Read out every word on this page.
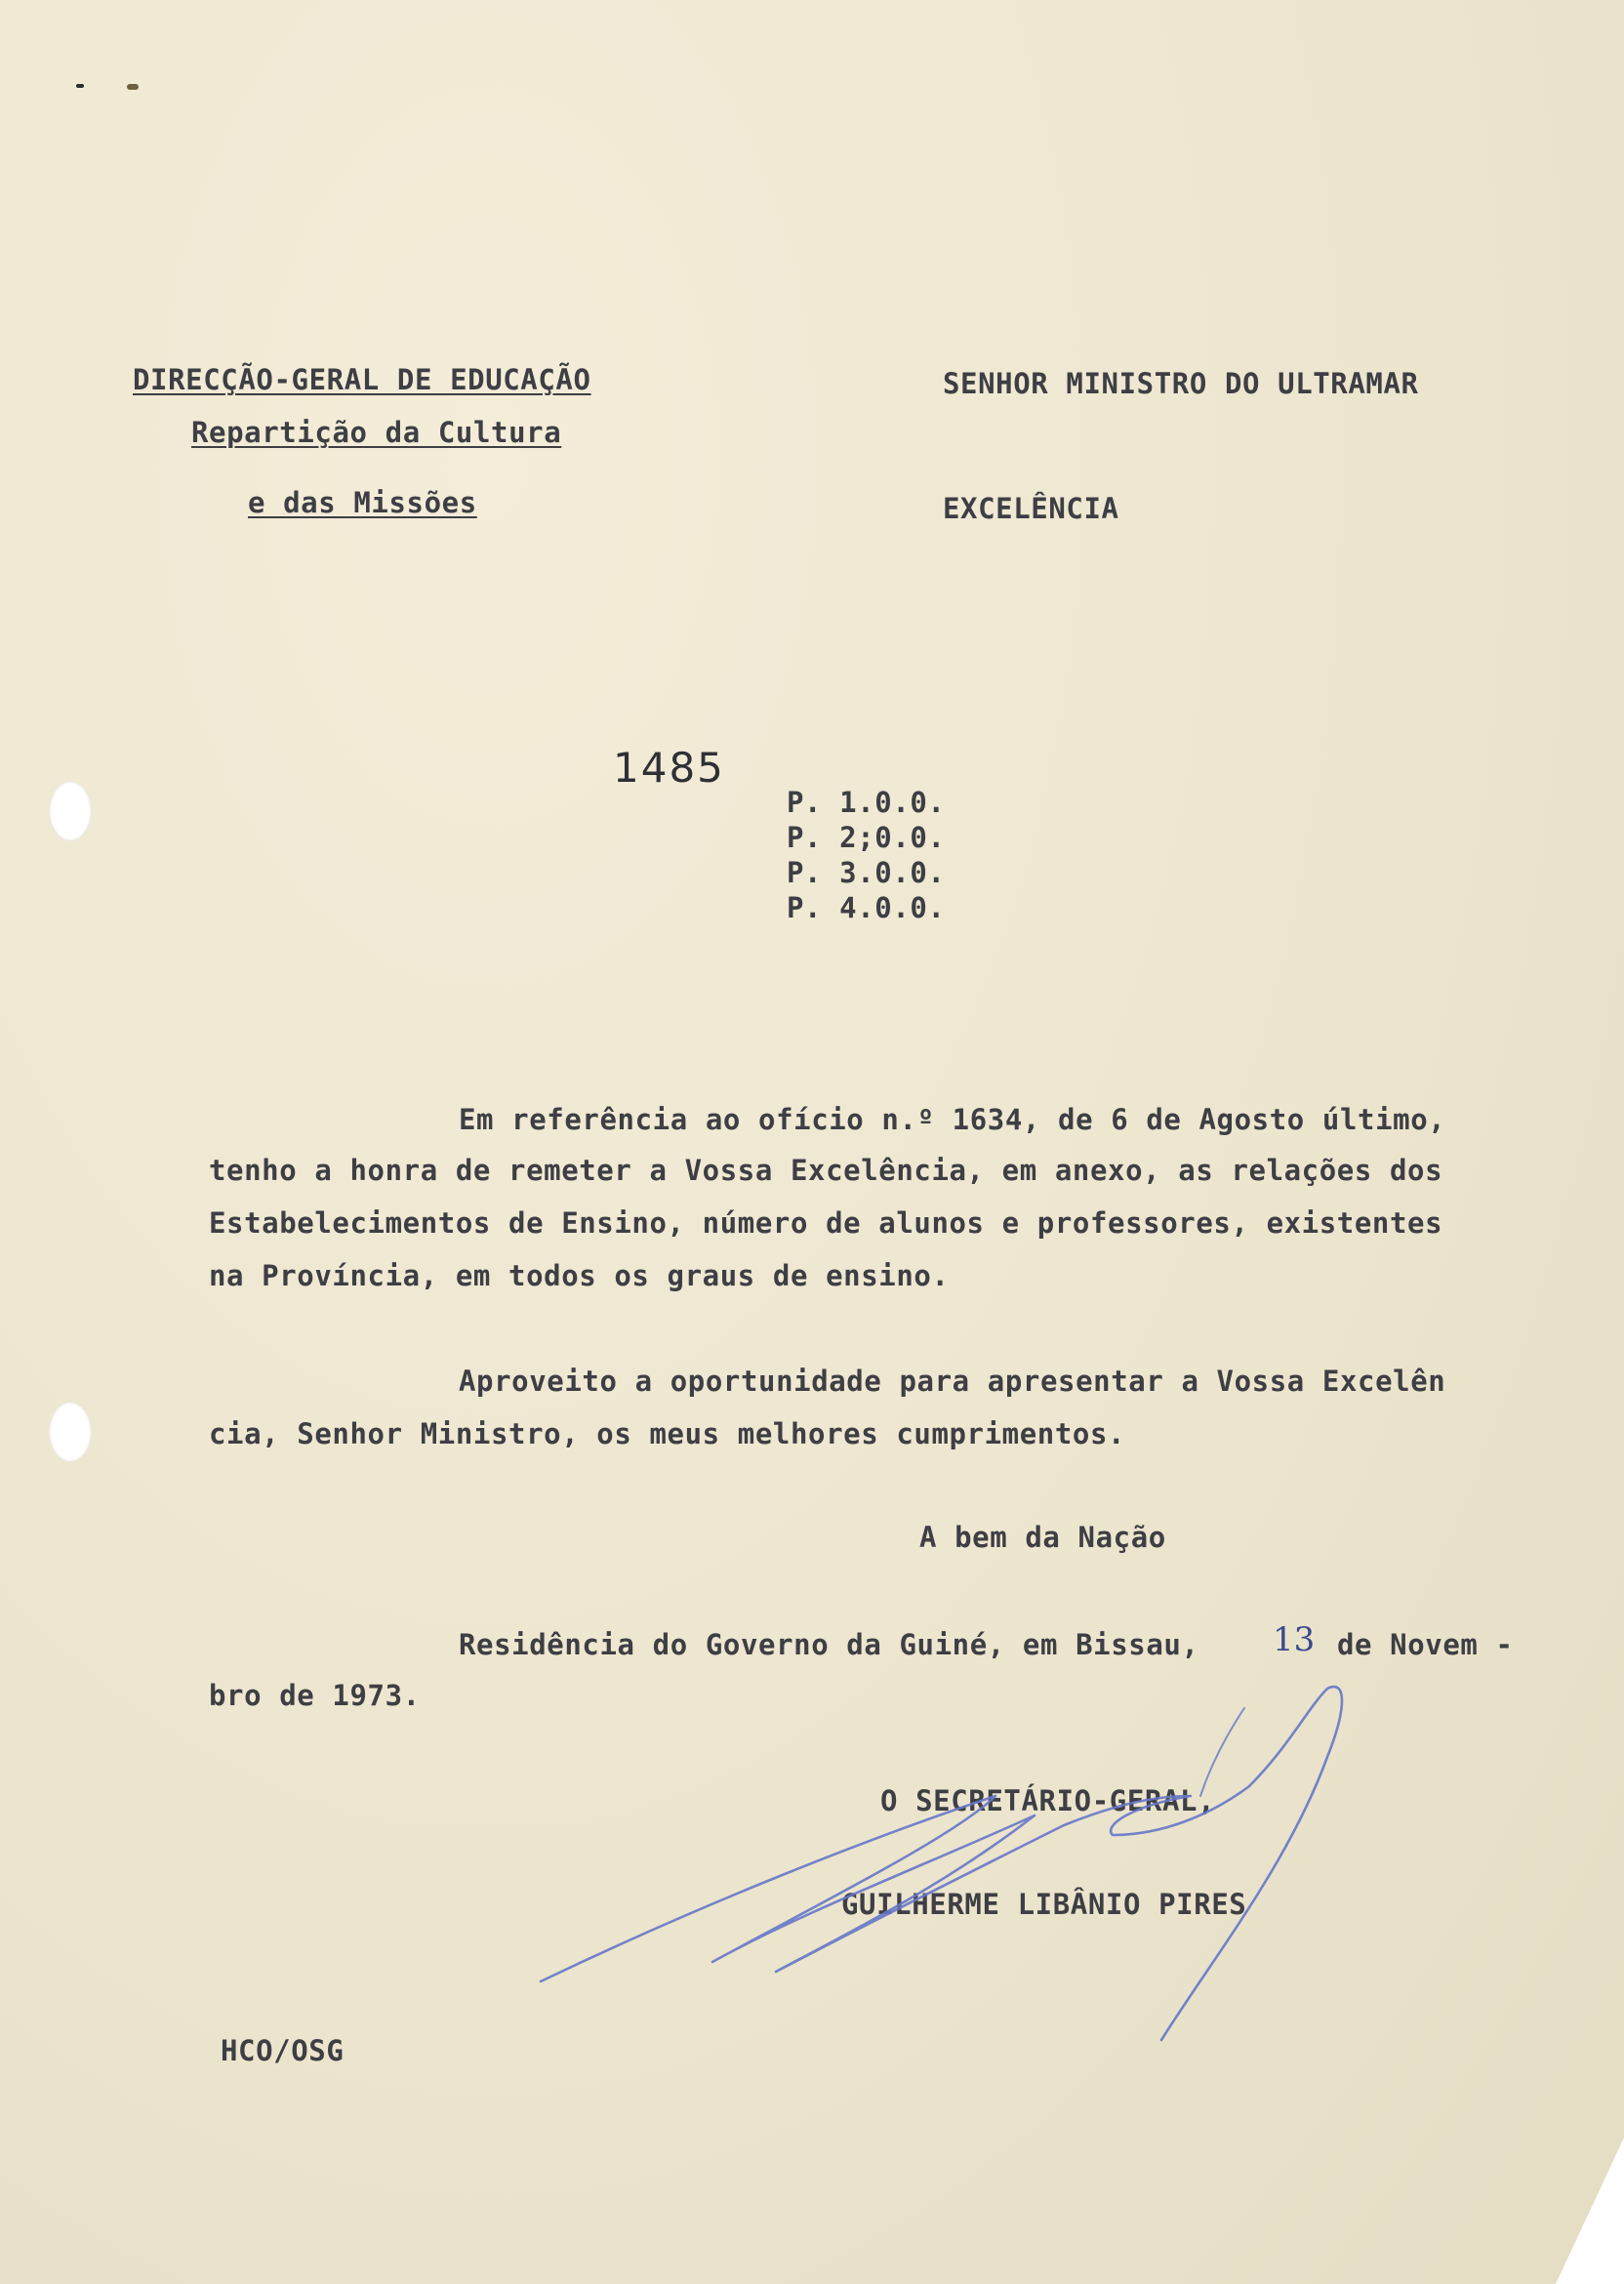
DIRECÇÃO-GERAL DE EDUCAÇÃO
Repartição da Cultura
e das Missões
SENHOR MINISTRO DO ULTRAMAR
EXCELÊNCIA
1485
P. 1.0.0.
P. 2;0.0.
P. 3.0.0.
P. 4.0.0.
Em referência ao ofício n.º 1634, de 6 de Agosto último,
tenho a honra de remeter a Vossa Excelência, em anexo, as relações dos
Estabelecimentos de Ensino, número de alunos e professores, existentes
na Província, em todos os graus de ensino.
Aproveito a oportunidade para apresentar a Vossa Excelên
cia, Senhor Ministro, os meus melhores cumprimentos.
A bem da Nação
Residência do Governo da Guiné, em Bissau, 13 de Novem -
bro de 1973.
O SECRETÁRIO-GERAL,
GUILHERME LIBÂNIO PIRES
HCO/OSG
